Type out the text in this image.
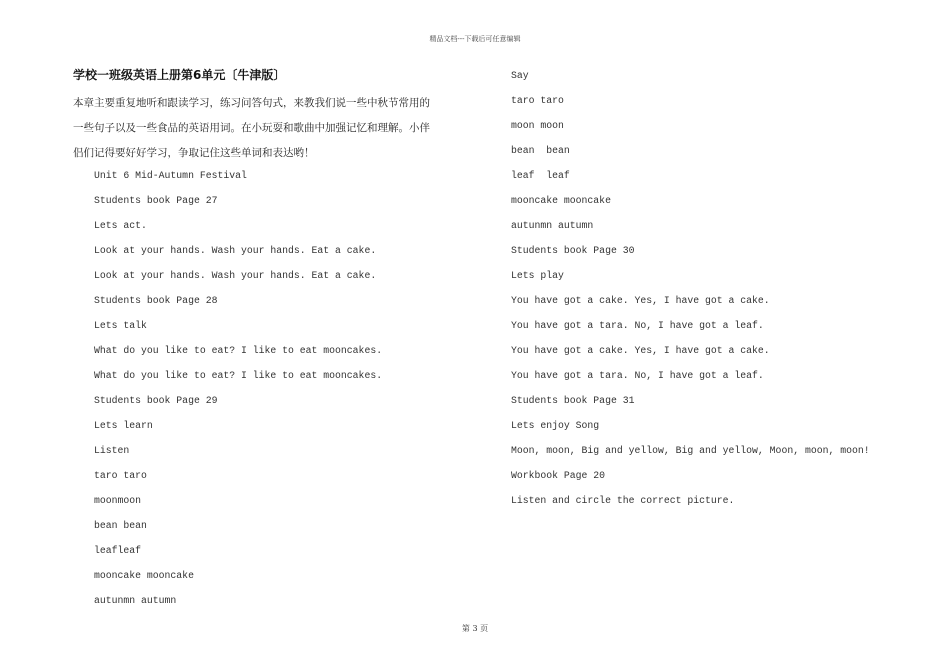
精品文档---下载后可任意编辑
学校一班级英语上册第6单元〔牛津版〕
本章主要重复地听和跟读学习，练习问答句式，来教我们说一些中秋节常用的
一些句子以及一些食品的英语用词。在小玩耍和歌曲中加强记忆和理解。小伴
侣们记得要好好学习，争取记住这些单词和表达哟！
Unit 6 Mid-Autumn Festival
Students book Page 27
Lets act.
Look at your hands. Wash your hands. Eat a cake.
Look at your hands. Wash your hands. Eat a cake.
Students book Page 28
Lets talk
What do you like to eat? I like to eat mooncakes.
What do you like to eat? I like to eat mooncakes.
Students book Page 29
Lets learn
Listen
taro taro
moonmoon
bean bean
leafleaf
mooncake mooncake
autunmn autumn
Say
taro taro
moon moon
bean  bean
leaf  leaf
mooncake mooncake
autunmn autumn
Students book Page 30
Lets play
You have got a cake. Yes, I have got a cake.
You have got a tara. No, I have got a leaf.
You have got a cake. Yes, I have got a cake.
You have got a tara. No, I have got a leaf.
Students book Page 31
Lets enjoy Song
Moon, moon, Big and yellow, Big and yellow, Moon, moon, moon!
Workbook Page 20
Listen and circle the correct picture.
第 3 页
